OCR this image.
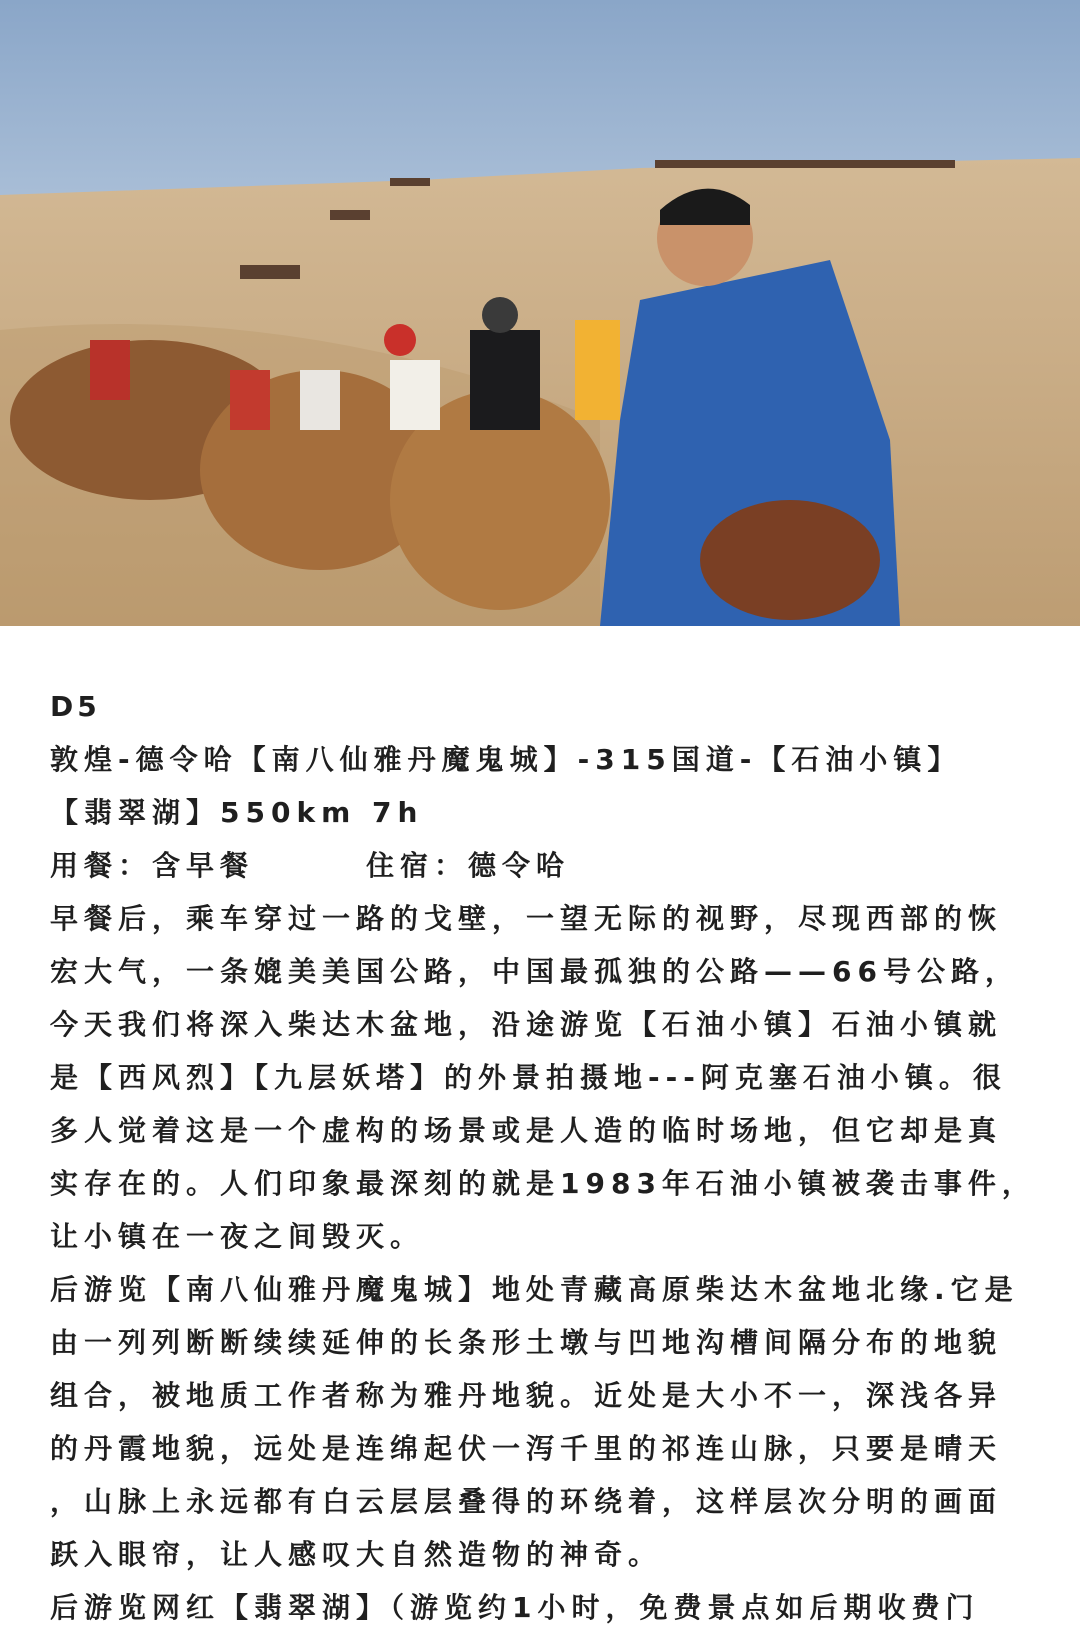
D5
敦煌-德令哈【南八仙雅丹魔鬼城】-315国道-【石油小镇】
【翡翠湖】550km 7h
用餐：含早餐	住宿：德令哈
早餐后，乘车穿过一路的戈壁，一望无际的视野，尽现西部的恢
宏大气，一条媲美美国公路，中国最孤独的公路——66号公路，
今天我们将深入柴达木盆地，沿途游览【石油小镇】石油小镇就
是【西风烈】【九层妖塔】的外景拍摄地---阿克塞石油小镇。很
多人觉着这是一个虚构的场景或是人造的临时场地，但它却是真
实存在的。人们印象最深刻的就是1983年石油小镇被袭击事件，
让小镇在一夜之间毁灭。
后游览【南八仙雅丹魔鬼城】地处青藏高原柴达木盆地北缘.它是
由一列列断断续续延伸的长条形土墩与凹地沟槽间隔分布的地貌
组合，被地质工作者称为雅丹地貌。近处是大小不一，深浅各异
的丹霞地貌，远处是连绵起伏一泻千里的祁连山脉，只要是晴天
，山脉上永远都有白云层层叠得的环绕着，这样层次分明的画面
跃入眼帘，让人感叹大自然造物的神奇。
后游览网红【翡翠湖】（游览约1小时，免费景点如后期收费门
